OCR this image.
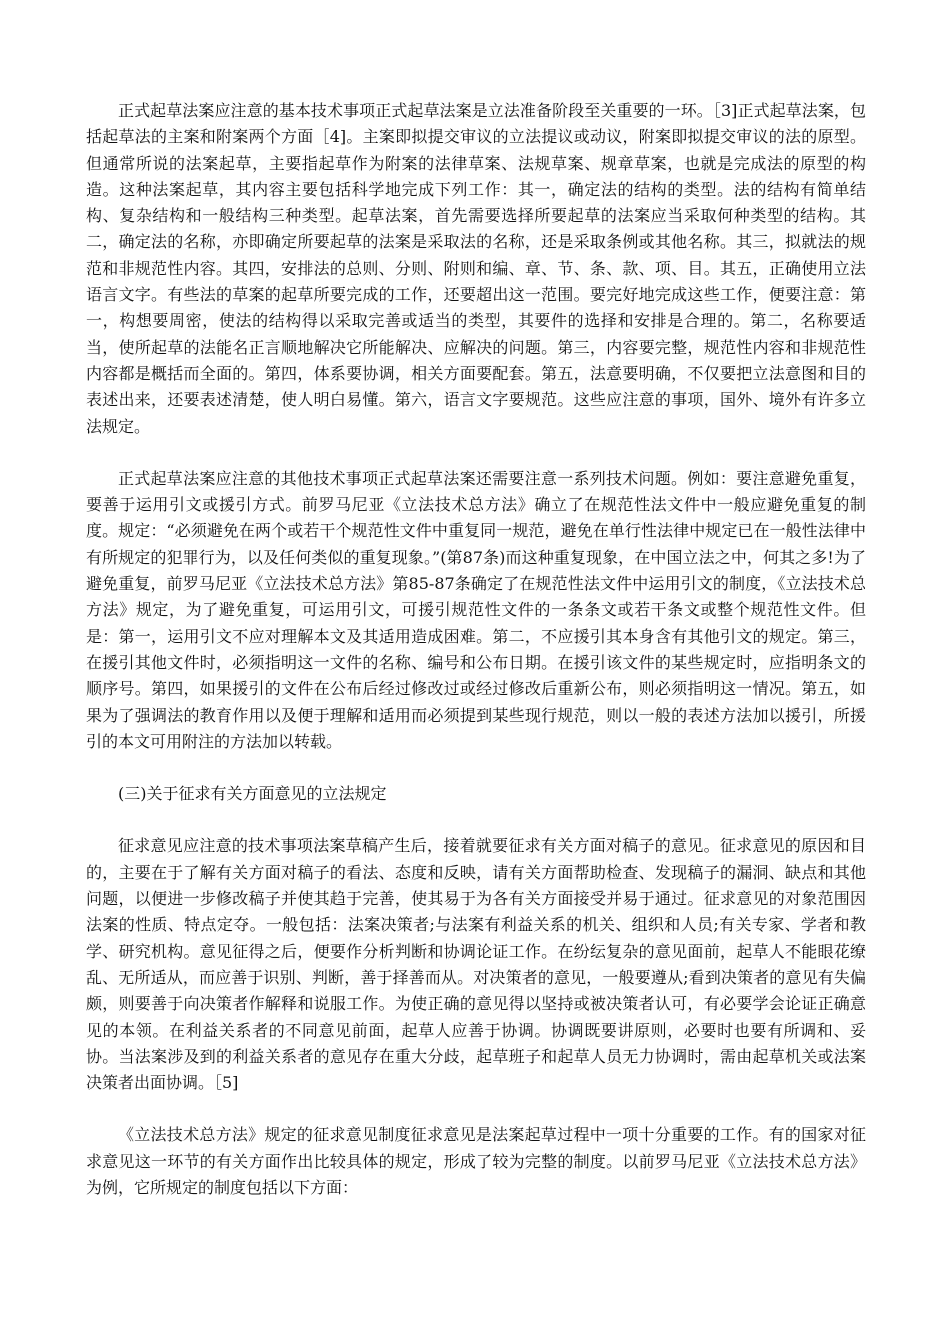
正式起草法案应注意的基本技术事项正式起草法案是立法准备阶段至关重要的一环。［3]正式起草法案，包括起草法的主案和附案两个方面［4]。主案即拟提交审议的立法提议或动议，附案即拟提交审议的法的原型。但通常所说的法案起草，主要指起草作为附案的法律草案、法规草案、规章草案，也就是完成法的原型的构造。这种法案起草，其内容主要包括科学地完成下列工作：其一，确定法的结构的类型。法的结构有简单结构、复杂结构和一般结构三种类型。起草法案，首先需要选择所要起草的法案应当采取何种类型的结构。其二，确定法的名称，亦即确定所要起草的法案是采取法的名称，还是采取条例或其他名称。其三，拟就法的规范和非规范性内容。其四，安排法的总则、分则、附则和编、章、节、条、款、项、目。其五，正确使用立法语言文字。有些法的草案的起草所要完成的工作，还要超出这一范围。要完好地完成这些工作，便要注意：第一，构想要周密，使法的结构得以采取完善或适当的类型，其要件的选择和安排是合理的。第二，名称要适当，使所起草的法能名正言顺地解决它所能解决、应解决的问题。第三，内容要完整，规范性内容和非规范性内容都是概括而全面的。第四，体系要协调，相关方面要配套。第五，法意要明确，不仅要把立法意图和目的表述出来，还要表述清楚，使人明白易懂。第六，语言文字要规范。这些应注意的事项，国外、境外有许多立法规定。

正式起草法案应注意的其他技术事项正式起草法案还需要注意一系列技术问题。例如：要注意避免重复，要善于运用引文或援引方式。前罗马尼亚《立法技术总方法》确立了在规范性法文件中一般应避免重复的制度。规定：“必须避免在两个或若干个规范性文件中重复同一规范，避免在单行性法律中规定已在一般性法律中有所规定的犯罪行为，以及任何类似的重复现象。”(第87条)而这种重复现象，在中国立法之中，何其之多!为了避免重复，前罗马尼亚《立法技术总方法》第85-87条确定了在规范性法文件中运用引文的制度，《立法技术总方法》规定，为了避免重复，可运用引文，可援引规范性文件的一条条文或若干条文或整个规范性文件。但是：第一，运用引文不应对理解本文及其适用造成困难。第二，不应援引其本身含有其他引文的规定。第三，在援引其他文件时，必须指明这一文件的名称、编号和公布日期。在援引该文件的某些规定时，应指明条文的顺序号。第四，如果援引的文件在公布后经过修改过或经过修改后重新公布，则必须指明这一情况。第五，如果为了强调法的教育作用以及便于理解和适用而必须提到某些现行规范，则以一般的表述方法加以援引，所援引的本文可用附注的方法加以转载。

(三)关于征求有关方面意见的立法规定

征求意见应注意的技术事项法案草稿产生后，接着就要征求有关方面对稿子的意见。征求意见的原因和目的，主要在于了解有关方面对稿子的看法、态度和反映，请有关方面帮助检查、发现稿子的漏洞、缺点和其他问题，以便进一步修改稿子并使其趋于完善，使其易于为各有关方面接受并易于通过。征求意见的对象范围因法案的性质、特点定夺。一般包括：法案决策者;与法案有利益关系的机关、组织和人员;有关专家、学者和教学、研究机构。意见征得之后，便要作分析判断和协调论证工作。在纷纭复杂的意见面前，起草人不能眼花缭乱、无所适从，而应善于识别、判断，善于择善而从。对决策者的意见，一般要遵从;看到决策者的意见有失偏颇，则要善于向决策者作解释和说服工作。为使正确的意见得以坚持或被决策者认可，有必要学会论证正确意见的本领。在利益关系者的不同意见前面，起草人应善于协调。协调既要讲原则，必要时也要有所调和、妥协。当法案涉及到的利益关系者的意见存在重大分歧，起草班子和起草人员无力协调时，需由起草机关或法案决策者出面协调。［5]

《立法技术总方法》规定的征求意见制度征求意见是法案起草过程中一项十分重要的工作。有的国家对征求意见这一环节的有关方面作出比较具体的规定，形成了较为完整的制度。以前罗马尼亚《立法技术总方法》为例，它所规定的制度包括以下方面：
